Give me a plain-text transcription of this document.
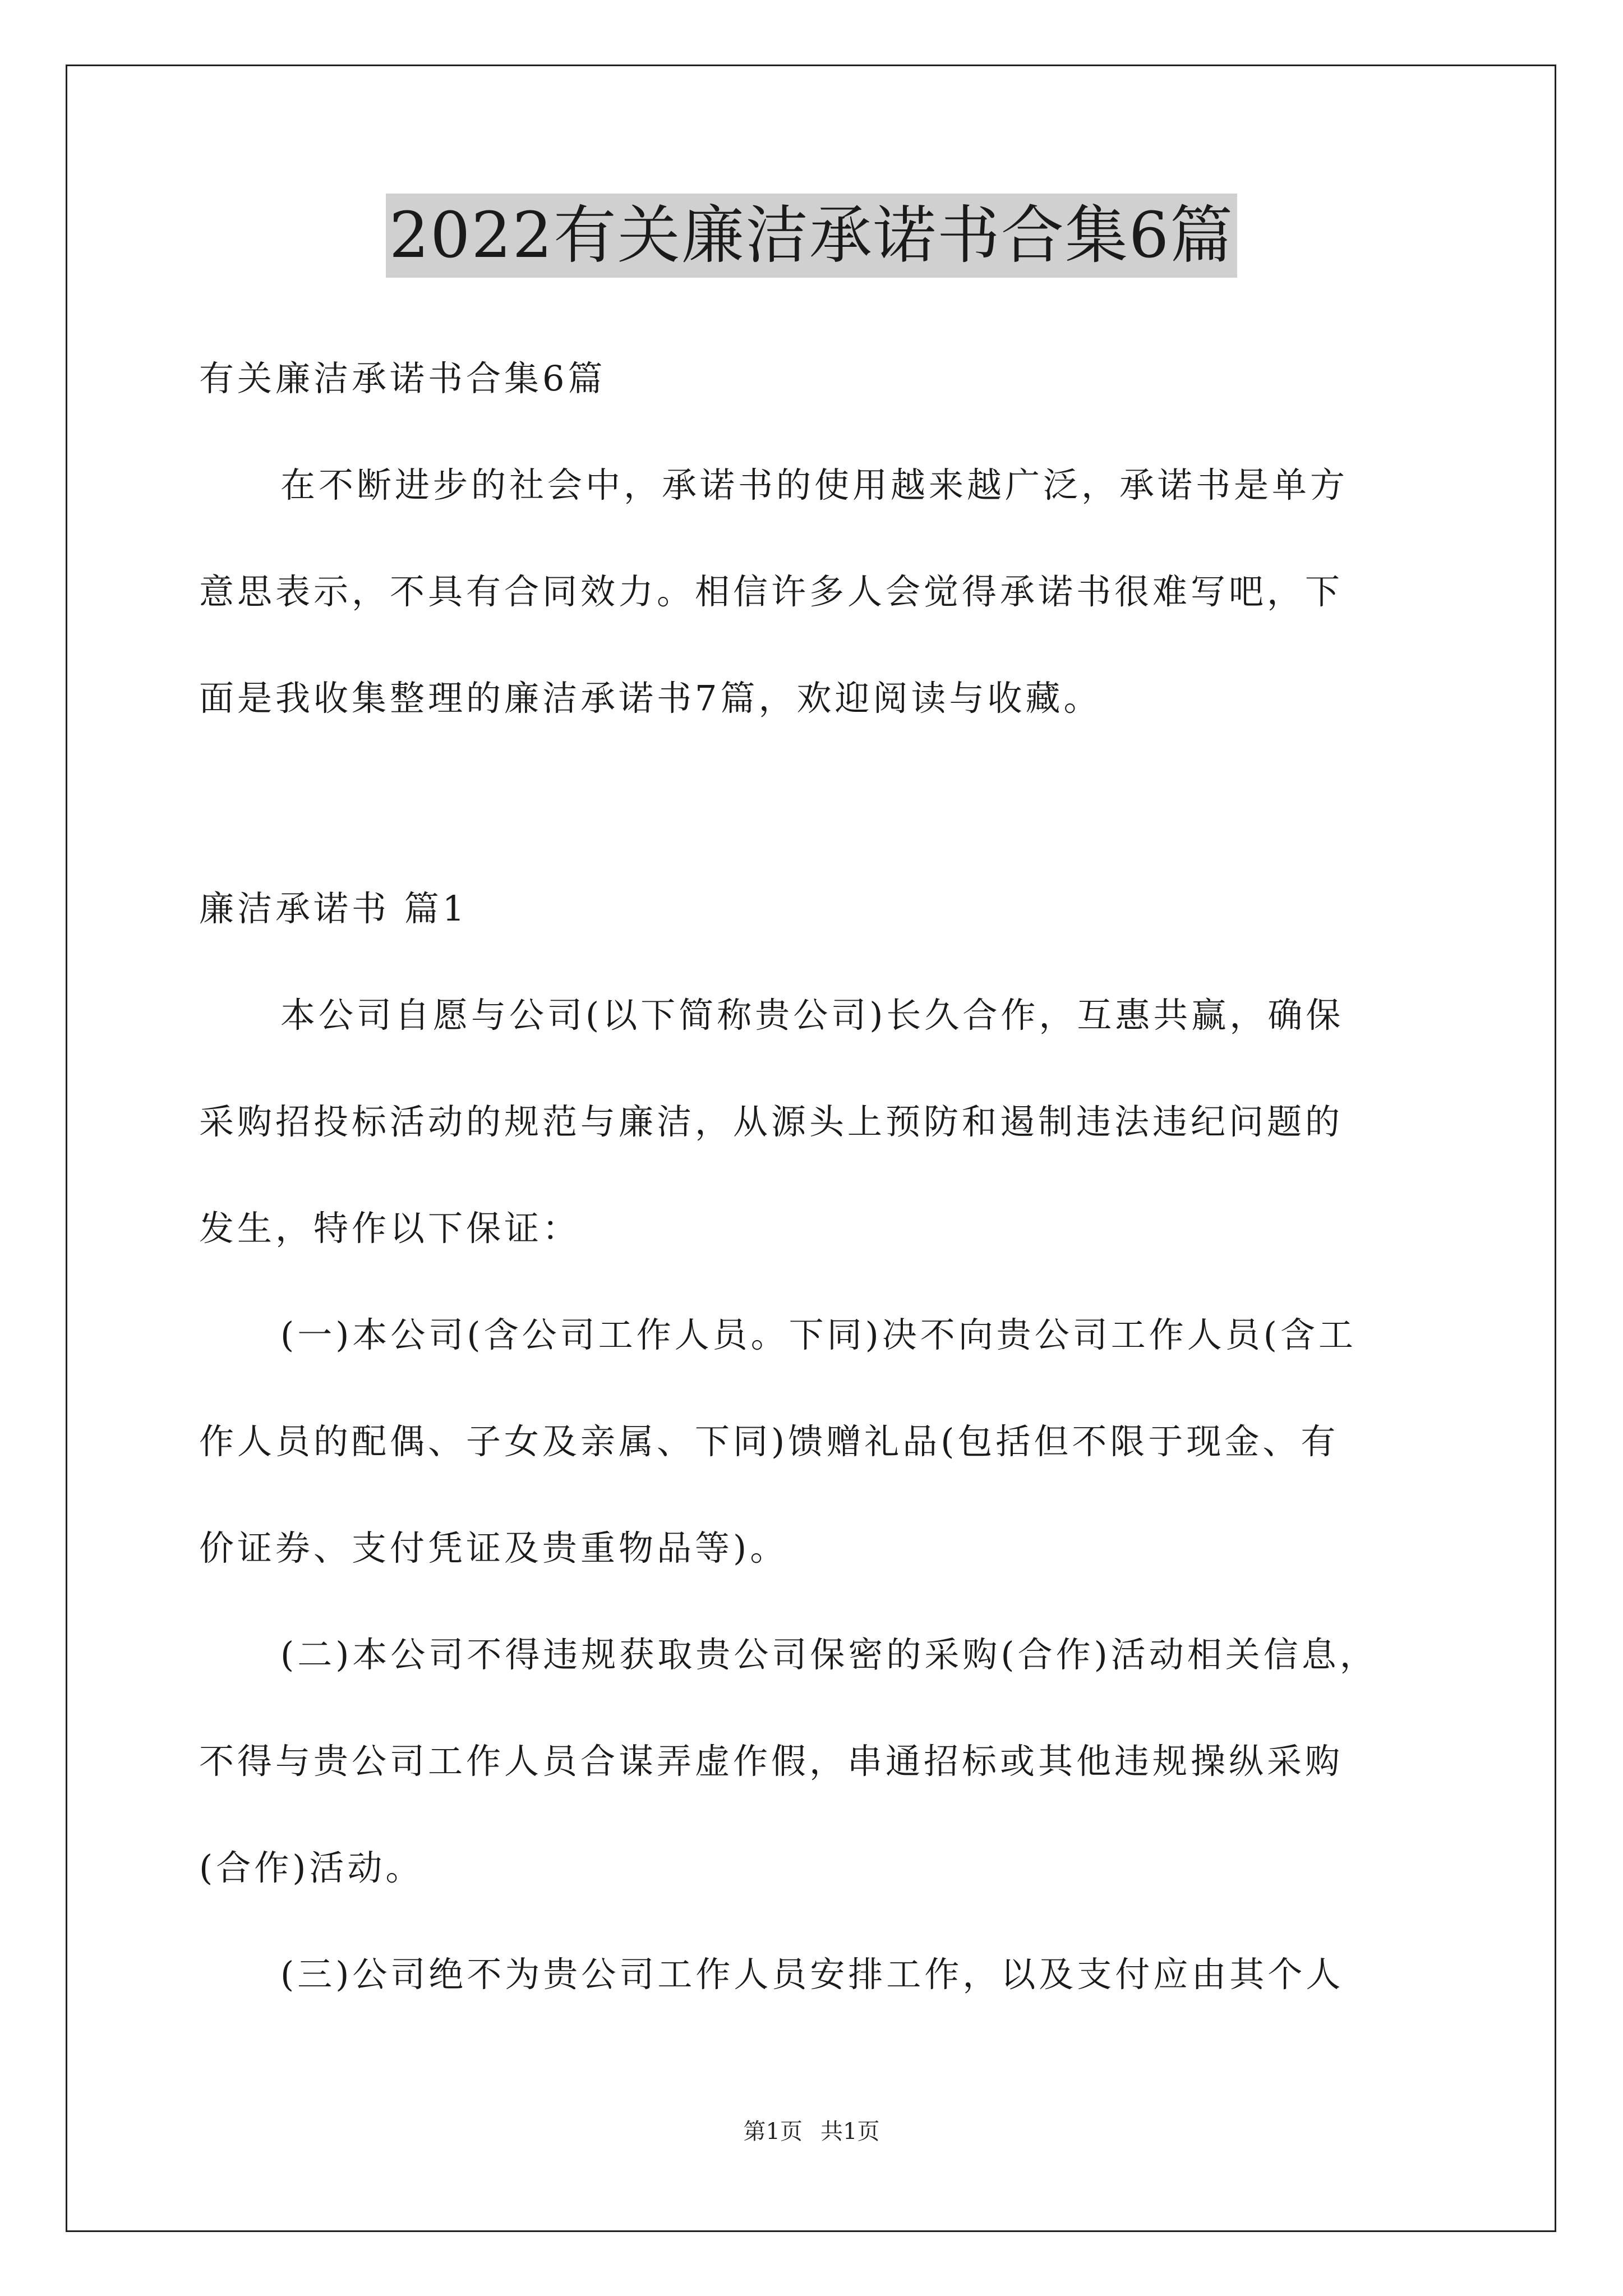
2022有关廉洁承诺书合集6篇
有关廉洁承诺书合集6篇
在不断进步的社会中，承诺书的使用越来越广泛，承诺书是单方
意思表示，不具有合同效力。相信许多人会觉得承诺书很难写吧，下
面是我收集整理的廉洁承诺书7篇，欢迎阅读与收藏。
廉洁承诺书 篇1
本公司自愿与公司(以下简称贵公司)长久合作，互惠共赢，确保
采购招投标活动的规范与廉洁，从源头上预防和遏制违法违纪问题的
发生，特作以下保证：
(一)本公司(含公司工作人员。下同)决不向贵公司工作人员(含工
作人员的配偶、子女及亲属、下同)馈赠礼品(包括但不限于现金、有
价证券、支付凭证及贵重物品等)。
(二)本公司不得违规获取贵公司保密的采购(合作)活动相关信息，
不得与贵公司工作人员合谋弄虚作假，串通招标或其他违规操纵采购
(合作)活动。
(三)公司绝不为贵公司工作人员安排工作，以及支付应由其个人
第1页 共1页
